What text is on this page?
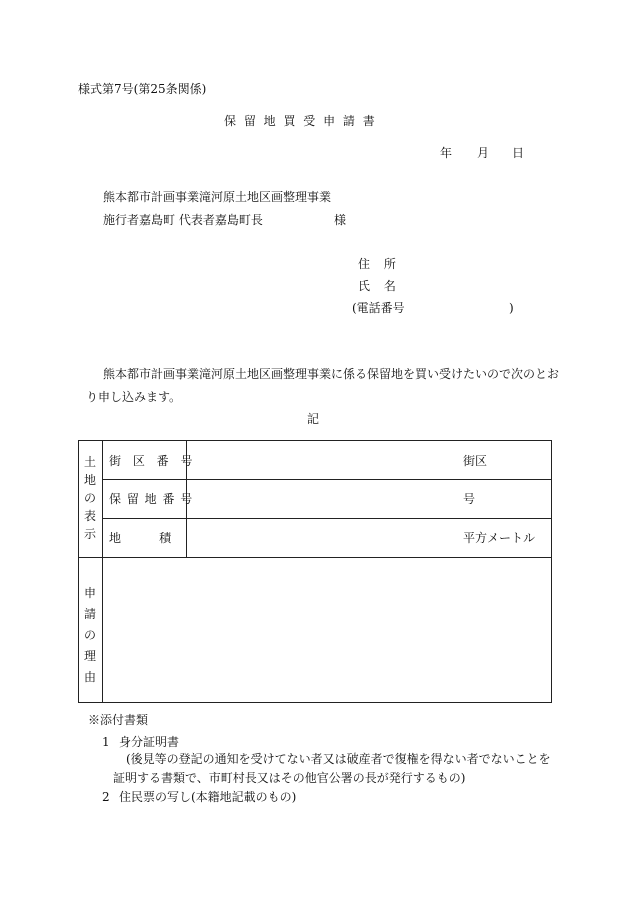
様式第7号(第25条関係)
保 留 地 買 受 申 請 書
年 月 日
熊本都市計画事業滝河原土地区画整理事業
施行者嘉島町 代表者嘉島町長	様
住 所
氏 名
(電話番号	)
熊本都市計画事業滝河原土地区画整理事業に係る保留地を買い受けたいので次のとお
り申し込みます。
記
土
地
の
表
示
街 区 番 号	街区
保 留 地 番 号	号
地          積	平方メートル
申
請
の
理
由
※添付書類
1 身分証明書
(後見等の登記の通知を受けてない者又は破産者で復権を得ない者でないことを
証明する書類で、市町村長又はその他官公署の長が発行するもの)
2 住民票の写し(本籍地記載のもの)
